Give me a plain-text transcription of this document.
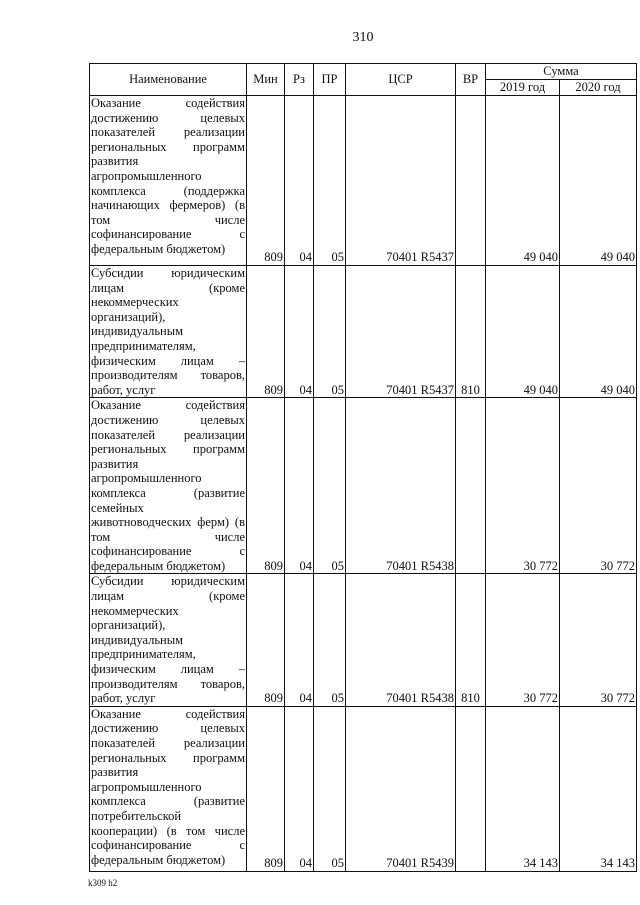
310
Наименование	Мин	Рз	ПР	ЦСР	ВР	Сумма	
						2019 год	2020 год
Оказание содействия достижению целевых показателей реализации региональных программ развития агропромышленного комплекса (поддержка начинающих фермеров) (в том числе софинансирование с федеральным бюджетом)	809	04	05	70401 R5437		49 040	49 040
Субсидии юридическим лицам (кроме некоммерческих организаций), индивидуальным предпринимателям, физическим лицам – производителям товаров, работ, услуг	809	04	05	70401 R5437	810	49 040	49 040
Оказание содействия достижению целевых показателей реализации региональных программ развития агропромышленного комплекса (развитие семейных животноводческих ферм) (в том числе софинансирование с федеральным бюджетом)	809	04	05	70401 R5438		30 772	30 772
Субсидии юридическим лицам (кроме некоммерческих организаций), индивидуальным предпринимателям, физическим лицам – производителям товаров, работ, услуг	809	04	05	70401 R5438	810	30 772	30 772
Оказание содействия достижению целевых показателей реализации региональных программ развития агропромышленного комплекса (развитие потребительской кооперации) (в том числе софинансирование с федеральным бюджетом)	809	04	05	70401 R5439		34 143	34 143
k309 h2
